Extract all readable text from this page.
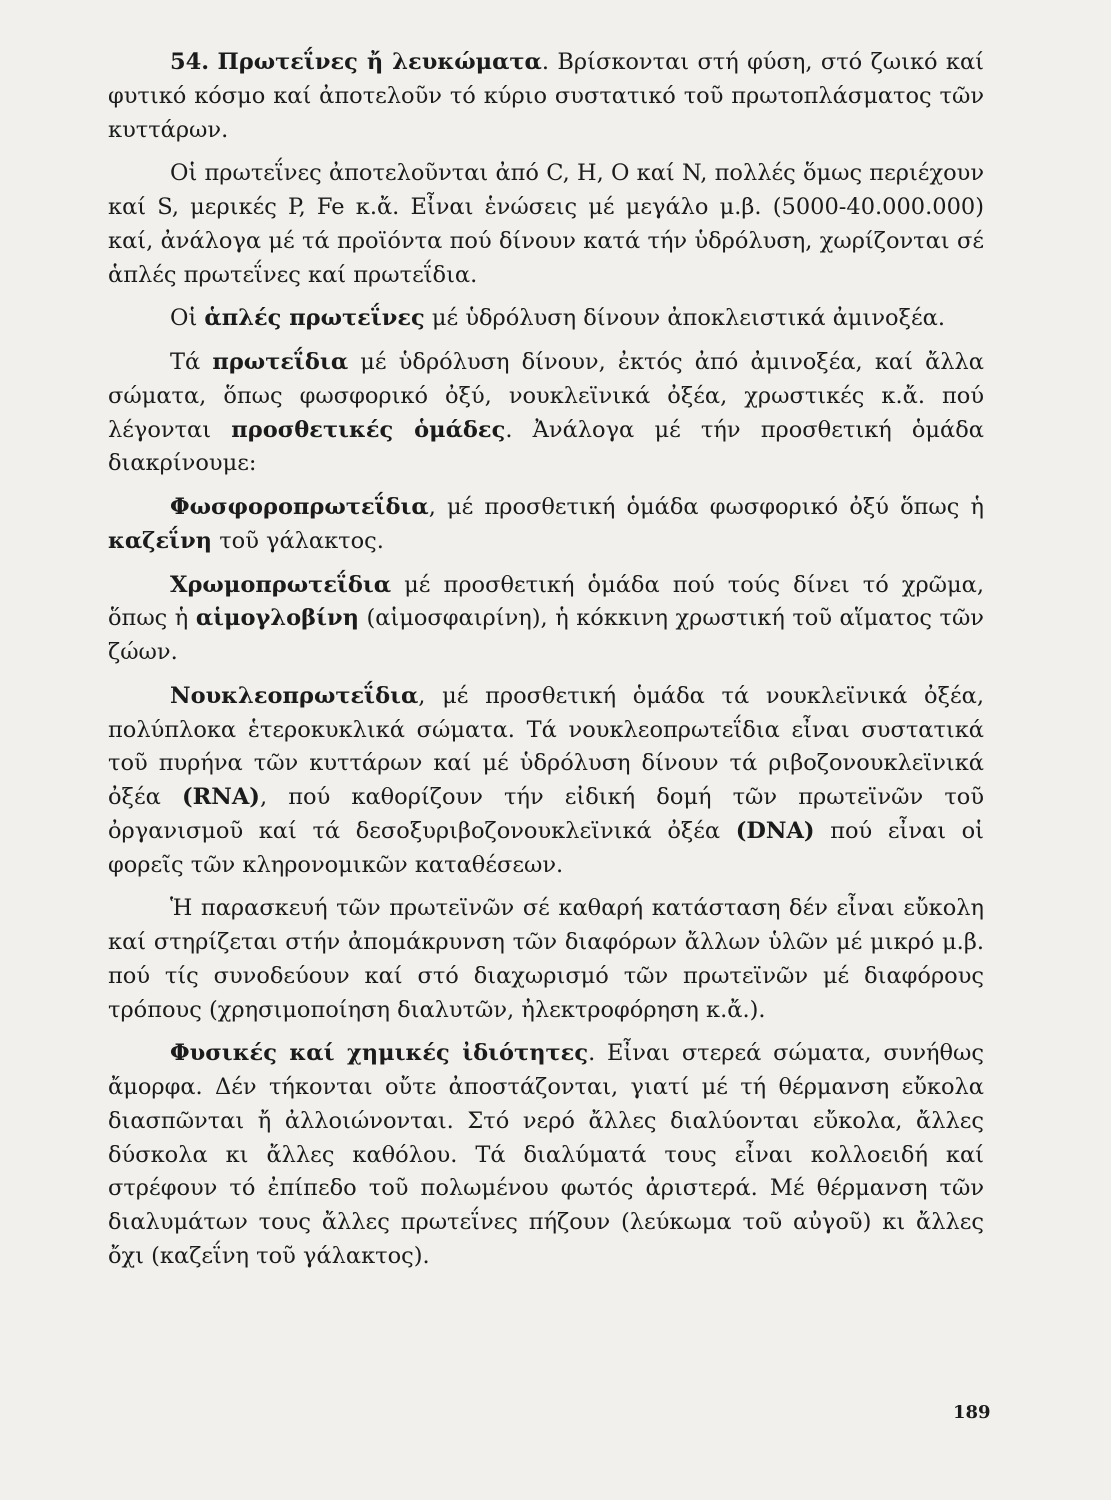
54. Πρωτεΐνες ἤ λευκώματα. Βρίσκονται στή φύση, στό ζωικό καί φυτικό κόσμο καί ἀποτελοῦν τό κύριο συστατικό τοῦ πρωτοπλάσματος τῶν κυττάρων.

Οἱ πρωτεΐνες ἀποτελοῦνται ἀπό C, H, O καί N, πολλές ὅμως περιέχουν καί S, μερικές P, Fe κ.ἄ. Εἶναι ἑνώσεις μέ μεγάλο μ.β. (5000-40.000.000) καί, ἀνάλογα μέ τά προϊόντα πού δίνουν κατά τήν ὑδρόλυση, χωρίζονται σέ ἁπλές πρωτεΐνες καί πρωτεΐδια.

Οἱ ἁπλές πρωτεΐνες μέ ὑδρόλυση δίνουν ἀποκλειστικά ἀμινοξέα.

Τά πρωτεΐδια μέ ὑδρόλυση δίνουν, ἐκτός ἀπό ἀμινοξέα, καί ἄλλα σώματα, ὅπως φωσφορικό ὀξύ, νουκλεϊνικά ὀξέα, χρωστικές κ.ἄ. πού λέγονται προσθετικές ὁμάδες. Ἀνάλογα μέ τήν προσθετική ὁμάδα διακρίνουμε:

Φωσφοροπρωτεΐδια, μέ προσθετική ὁμάδα φωσφορικό ὀξύ ὅπως ἡ καζεΐνη τοῦ γάλακτος.

Χρωμοπρωτεΐδια μέ προσθετική ὁμάδα πού τούς δίνει τό χρῶμα, ὅπως ἡ αἱμογλοβίνη (αἱμοσφαιρίνη), ἡ κόκκινη χρωστική τοῦ αἵματος τῶν ζώων.

Νουκλεοπρωτεΐδια, μέ προσθετική ὁμάδα τά νουκλεϊνικά ὀξέα, πολύπλοκα ἑτεροκυκλικά σώματα. Τά νουκλεοπρωτεΐδια εἶναι συστατικά τοῦ πυρήνα τῶν κυττάρων καί μέ ὑδρόλυση δίνουν τά ριβοζονουκλεϊνικά ὀξέα (RNA), πού καθορίζουν τήν εἰδική δομή τῶν πρωτεϊνῶν τοῦ ὀργανισμοῦ καί τά δεσοξυριβοζονουκλεϊνικά ὀξέα (DNA) πού εἶναι οἱ φορεῖς τῶν κληρονομικῶν καταθέσεων.

Ἡ παρασκευή τῶν πρωτεϊνῶν σέ καθαρή κατάσταση δέν εἶναι εὔκολη καί στηρίζεται στήν ἀπομάκρυνση τῶν διαφόρων ἄλλων ὑλῶν μέ μικρό μ.β. πού τίς συνοδεύουν καί στό διαχωρισμό τῶν πρωτεϊνῶν μέ διαφόρους τρόπους (χρησιμοποίηση διαλυτῶν, ἠλεκτροφόρηση κ.ἄ.).

Φυσικές καί χημικές ἰδιότητες. Εἶναι στερεά σώματα, συνήθως ἄμορφα. Δέν τήκονται οὔτε ἀποστάζονται, γιατί μέ τή θέρμανση εὔκολα διασπῶνται ἤ ἀλλοιώνονται. Στό νερό ἄλλες διαλύονται εὔκολα, ἄλλες δύσκολα κι ἄλλες καθόλου. Τά διαλύματά τους εἶναι κολλοειδή καί στρέφουν τό ἐπίπεδο τοῦ πολωμένου φωτός ἀριστερά. Μέ θέρμανση τῶν διαλυμάτων τους ἄλλες πρωτεΐνες πήζουν (λεύκωμα τοῦ αὐγοῦ) κι ἄλλες ὄχι (καζεΐνη τοῦ γάλακτος).

189
